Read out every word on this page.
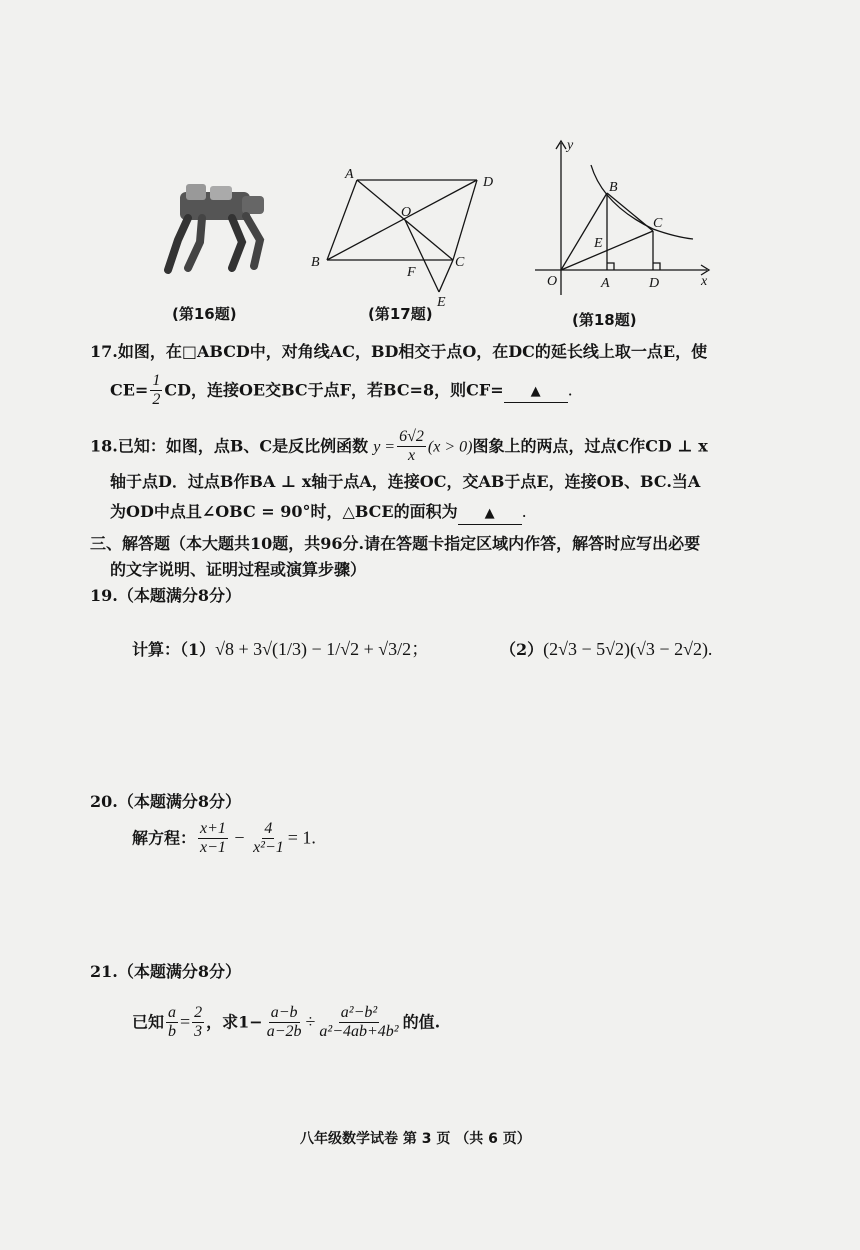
(第16题)
A
D
B	C
O
F
E
(第17题)
y
x
O	A	D
B
C
E
(第18题)
17.如图，在□ABCD中，对角线AC，BD相交于点O，在DC的延长线上取一点E，使
$CE= \frac{1}{2}$ CD，连接OE交BC于点F，若BC=8，则CF= ▲ .
18.已知：如图，点B、C是反比例函数 $y = \frac{6√2}{x} (x > 0)$图象上的两点，过点C作CD ⊥ x
轴于点D．过点B作BA ⊥ x轴于点A，连接OC，交AB于点E，连接OB、BC.当A
为OD中点且∠OBC = 90°时，△BCE的面积为 ▲ .
三、解答题（本大题共10题，共96分.请在答题卡指定区域内作答，解答时应写出必要
的文字说明、证明过程或演算步骤）
19.（本题满分8分）
计算：（1）√8 + 3√(1/3) − 1/√2 + √3/2；	（2）(2√3 − 5√2)(√3 − 2√2).
20.（本题满分8分）
解方程： $\frac{x+1}{x-1} - \frac{4}{\text{x²−1}} = 1$.
21.（本题满分8分）
已知 $\frac{a}{b} = \frac{2}{3}$ ，求$1- \frac{a-b}{a-2b} \div \frac{\text{a²−b²}}{\text{a²−4ab+4b²}}$ 的值.
八年级数学试卷 第 3 页 （共 6 页）
